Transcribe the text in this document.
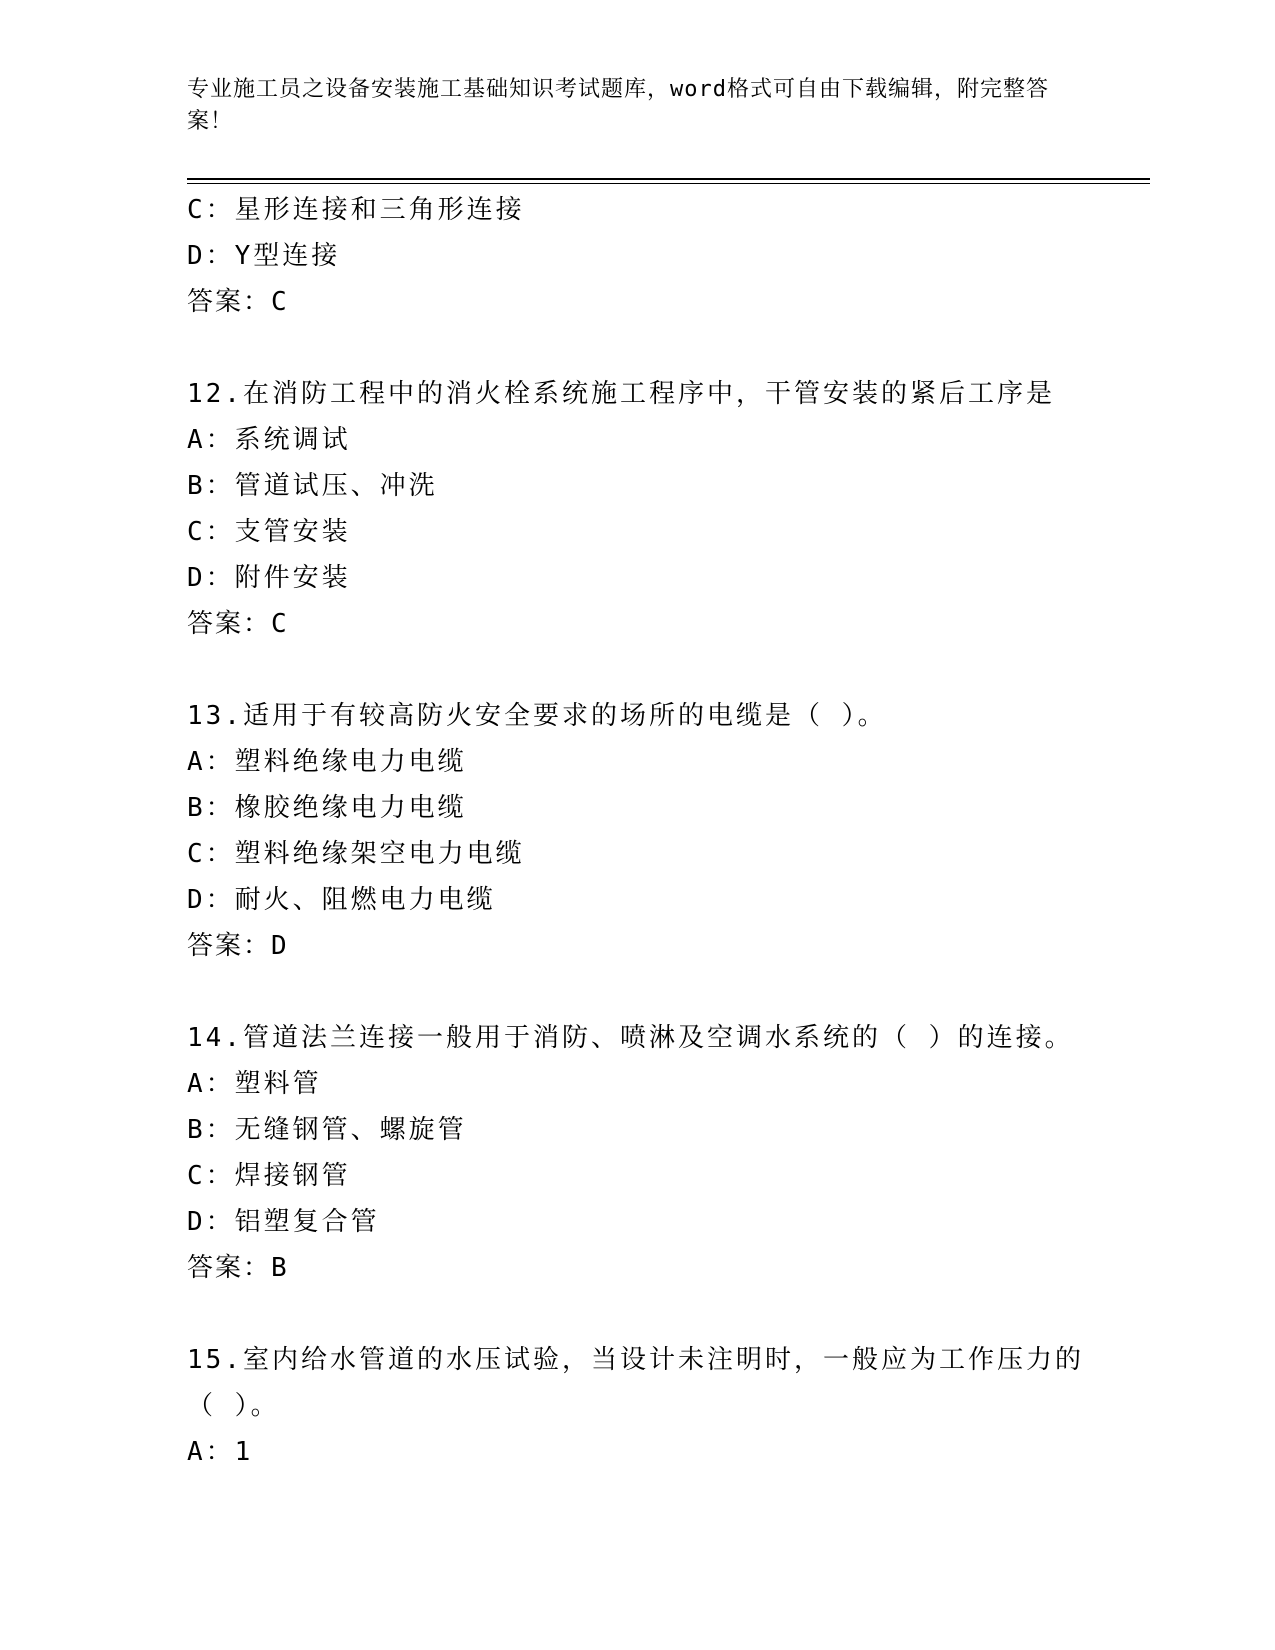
专业施工员之设备安装施工基础知识考试题库，word格式可自由下载编辑，附完整答案！
C：星形连接和三角形连接
D：Y型连接
答案：C
12.在消防工程中的消火栓系统施工程序中，干管安装的紧后工序是
A：系统调试
B：管道试压、冲洗
C：支管安装
D：附件安装
答案：C
13.适用于有较高防火安全要求的场所的电缆是（ ）。
A：塑料绝缘电力电缆
B：橡胶绝缘电力电缆
C：塑料绝缘架空电力电缆
D：耐火、阻燃电力电缆
答案：D
14.管道法兰连接一般用于消防、喷淋及空调水系统的（ ）的连接。
A：塑料管
B：无缝钢管、螺旋管
C：焊接钢管
D：铝塑复合管
答案：B
15.室内给水管道的水压试验，当设计未注明时，一般应为工作压力的（ ）。
A：1
